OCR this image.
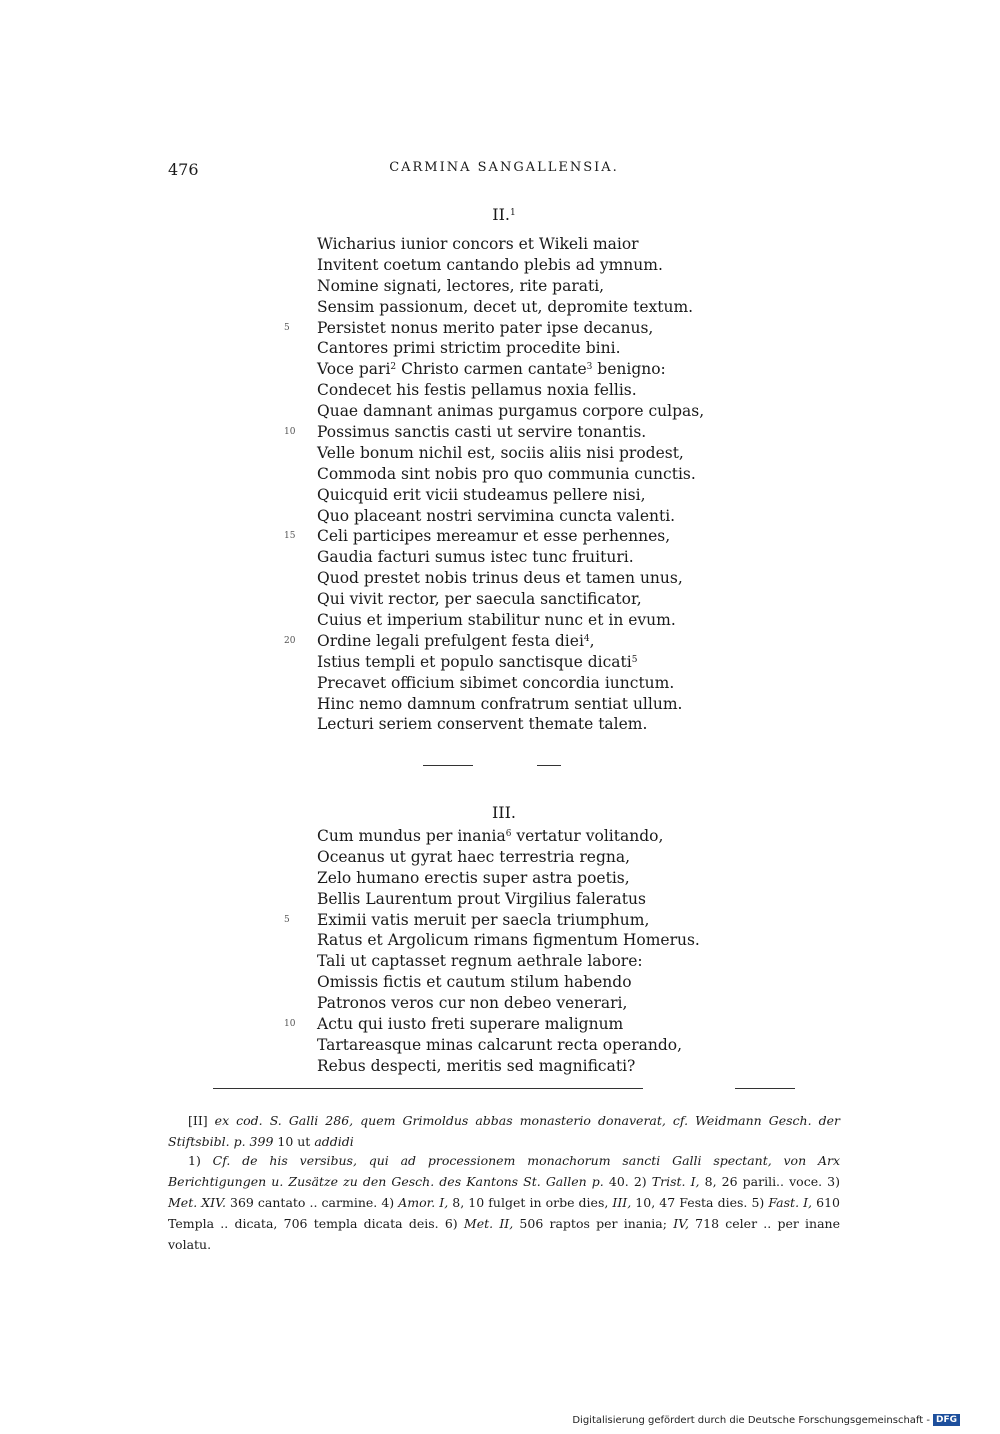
476	CARMINA SANGALLENSIA.
II.$^1$
Wicharius iunior concors et Wikeli maior
Invitent coetum cantando plebis ad ymnum.
Nomine signati, lectores, rite parati,
Sensim passionum, decet ut, depromite textum.
5 Persistet nonus merito pater ipse decanus,
Cantores primi strictim procedite bini.
Voce pari$^2$ Christo carmen cantate$^3$ benigno:
Condecet his festis pellamus noxia fellis.
Quae damnant animas purgamus corpore culpas,
10 Possimus sanctis casti ut servire tonantis.
Velle bonum nichil est, sociis aliis nisi prodest,
Commoda sint nobis pro quo communia cunctis.
Quicquid erit vicii studeamus pellere nisi,
Quo placeant nostri servimina cuncta valenti.
15 Celi participes mereamur et esse perhennes,
Gaudia facturi sumus istec tunc fruituri.
Quod prestet nobis trinus deus et tamen unus,
Qui vivit rector, per saecula sanctificator,
Cuius et imperium stabilitur nunc et in evum.
20 Ordine legali prefulgent festa diei$^4$,
Istius templi et populo sanctisque dicati$^5$
Precavet officium sibimet concordia iunctum.
Hinc nemo damnum confratrum sentiat ullum.
Lecturi seriem conservent themate talem.
III.
Cum mundus per inania$^6$ vertatur volitando,
Oceanus ut gyrat haec terrestria regna,
Zelo humano erectis super astra poetis,
Bellis Laurentum prout Virgilius faleratus
5 Eximii vatis meruit per saecla triumphum,
Ratus et Argolicum rimans figmentum Homerus.
Tali ut captasset regnum aethrale labore:
Omissis fictis et cautum stilum habendo
Patronos veros cur non debeo venerari,
10 Actu qui iusto freti superare malignum
Tartareasque minas calcarunt recta operando,
Rebus despecti, meritis sed magnificati?

[II] ex cod. S. Galli 286, quem Grimoldus abbas monasterio donaverat, cf. Weidmann Gesch. der Stiftsbibl. p. 399 10 ut addidi

1) Cf. de his versibus, qui ad processionem monachorum sancti Galli spectant, von Arx Berichtigungen u. Zusätze zu den Gesch. des Kantons St. Gallen p. 40. 2) Trist. I, 8, 26 parili.. voce. 3) Met. XIV. 369 cantato .. carmine. 4) Amor. I, 8, 10 fulget in orbe dies, III, 10, 47 Festa dies. 5) Fast. I, 610 Templa .. dicata, 706 templa dicata deis. 6) Met. II, 506 raptos per inania; IV, 718 celer .. per inane volatu.

Digitalisierung gefördert durch die Deutsche Forschungsgemeinschaft - DFG
